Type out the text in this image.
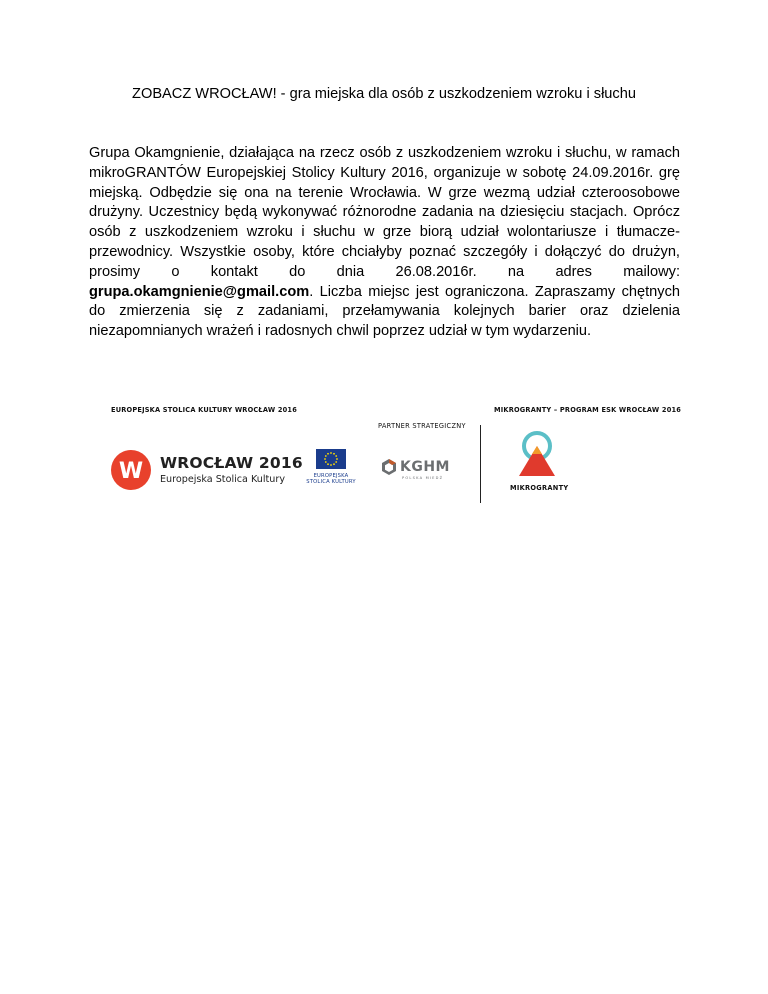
ZOBACZ WROCŁAW! - gra miejska dla osób z uszkodzeniem wzroku i słuchu
Grupa Okamgnienie, działająca na rzecz osób z uszkodzeniem wzroku i słuchu, w ramach mikroGRANTÓW Europejskiej Stolicy Kultury 2016, organizuje w sobotę 24.09.2016r. grę miejską. Odbędzie się ona na terenie Wrocławia. W grze wezmą udział czteroosobowe drużyny. Uczestnicy będą wykonywać różnorodne zadania na dziesięciu stacjach. Oprócz osób z uszkodzeniem wzroku i słuchu w grze biorą udział wolontariusze i tłumacze-przewodnicy. Wszystkie osoby, które chciałyby poznać szczegóły i dołączyć do drużyn, prosimy o kontakt do dnia 26.08.2016r. na adres mailowy: grupa.okamgnienie@gmail.com. Liczba miejsc jest ograniczona. Zapraszamy chętnych do zmierzenia się z zadaniami, przełamywania kolejnych barier oraz dzielenia niezapomnianych wrażeń i radosnych chwil poprzez udział w tym wydarzeniu.
EUROPEJSKA STOLICA KULTURY WROCŁAW 2016	MIKROGRANTY – PROGRAM ESK WROCŁAW 2016
PARTNER STRATEGICZNY
W WROCŁAW 2016
Europejska Stolica Kultury	EUROPEJSKA
STOLICA KULTURY
KGHM
POLSKA MIEDŹ
MIKROGRANTY
